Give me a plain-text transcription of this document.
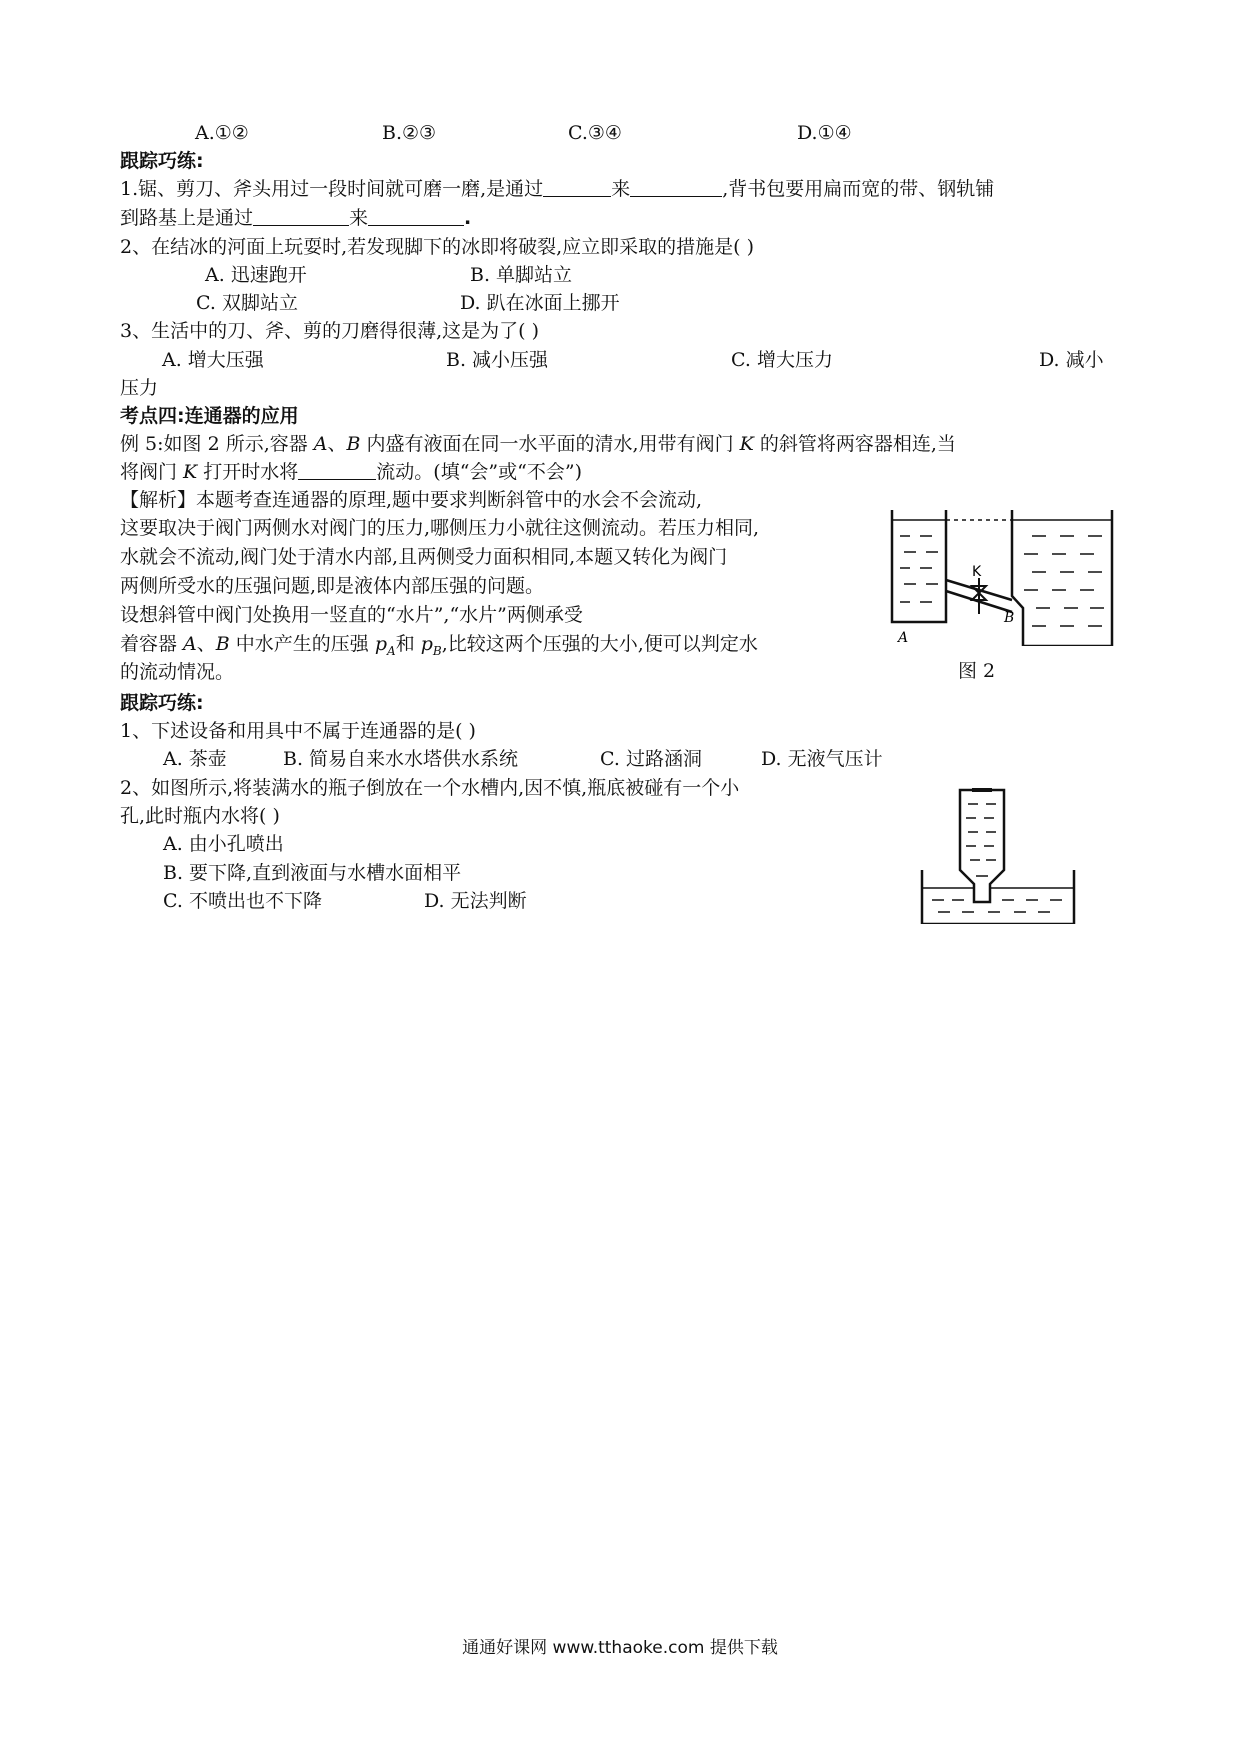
A.①②	B.②③	C.③④	D.①④
跟踪巧练:
1.锯、剪刀、斧头用过一段时间就可磨一磨,是通过	来	,背书包要用扁而宽的带、钢轨铺
到路基上是通过	来	.
2、在结冰的河面上玩耍时,若发现脚下的冰即将破裂,应立即采取的措施是( )
A. 迅速跑开	B. 单脚站立
C. 双脚站立	D. 趴在冰面上挪开
3、生活中的刀、斧、剪的刀磨得很薄,这是为了( )
A. 增大压强	B. 减小压强	C. 增大压力	D. 减小
压力
考点四:连通器的应用
例 5:如图 2 所示,容器 A、B 内盛有液面在同一水平面的清水,用带有阀门 K 的斜管将两容器相连,当
将阀门 K 打开时水将	流动。(填“会”或“不会”)
【解析】本题考查连通器的原理,题中要求判断斜管中的水会不会流动,
这要取决于阀门两侧水对阀门的压力,哪侧压力小就往这侧流动。若压力相同,
水就会不流动,阀门处于清水内部,且两侧受力面积相同,本题又转化为阀门
两侧所受水的压强问题,即是液体内部压强的问题。
设想斜管中阀门处换用一竖直的“水片”,“水片”两侧承受
着容器 A、B 中水产生的压强 $p_A$和 $p_B$,比较这两个压强的大小,便可以判定水
的流动情况。
K
A
B
图 2
跟踪巧练:
1、下述设备和用具中不属于连通器的是( )
A. 茶壶	B. 简易自来水水塔供水系统	C. 过路涵洞	D. 无液气压计
2、如图所示,将装满水的瓶子倒放在一个水槽内,因不慎,瓶底被碰有一个小
孔,此时瓶内水将( )
A. 由小孔喷出
B. 要下降,直到液面与水槽水面相平
C. 不喷出也不下降	D. 无法判断
通通好课网 www.tthaoke.com 提供下载
